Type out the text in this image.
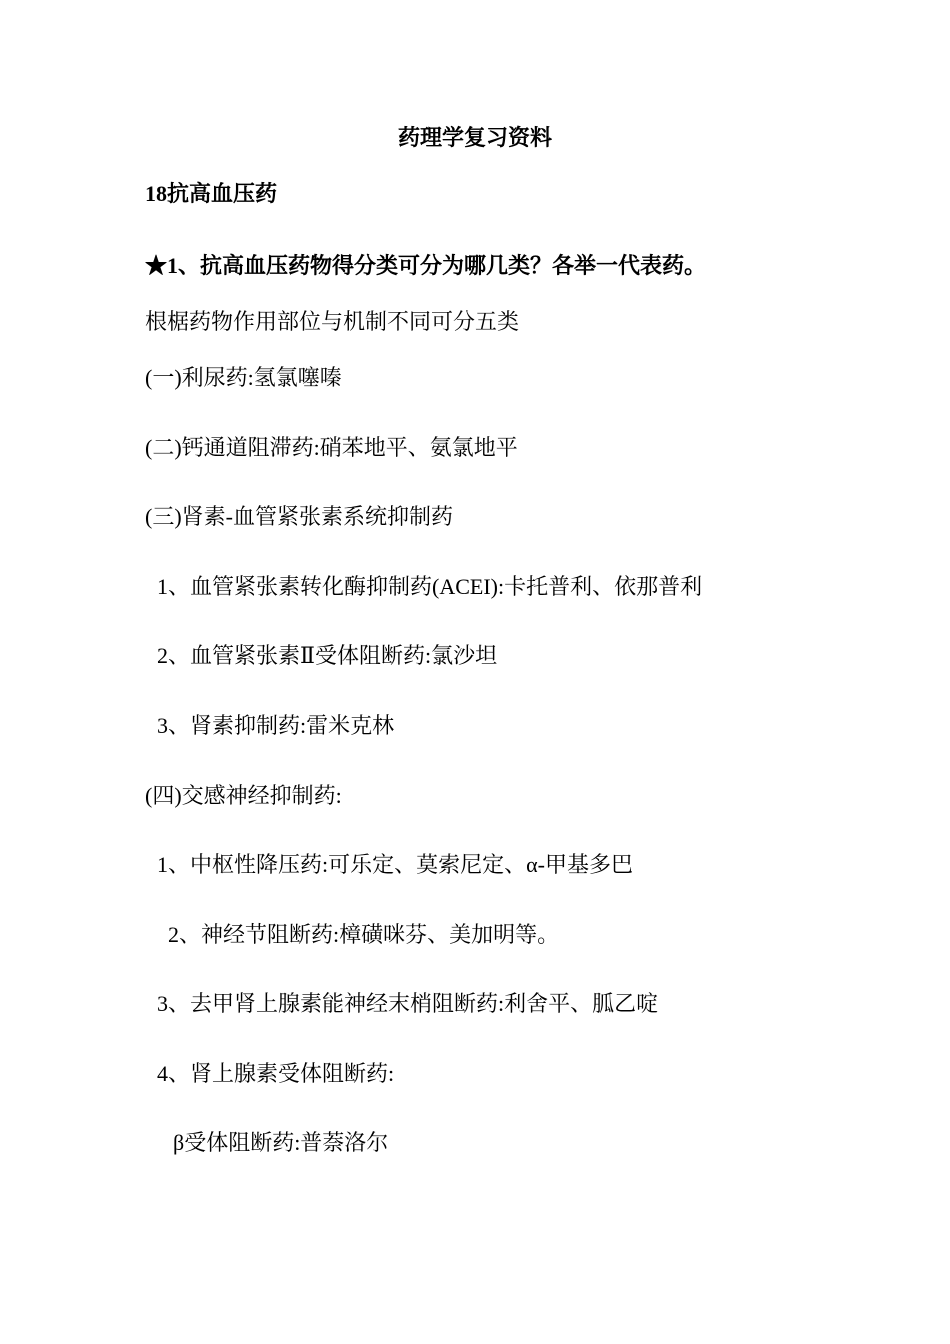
药理学复习资料
18抗高血压药
★1、抗高血压药物得分类可分为哪几类？各举一代表药。
根椐药物作用部位与机制不同可分五类
(一)利尿药:氢氯噻嗪
(二)钙通道阻滞药:硝苯地平、氨氯地平
(三)肾素-血管紧张素系统抑制药
1、血管紧张素转化酶抑制药(ACEI):卡托普利、依那普利
2、血管紧张素Ⅱ受体阻断药:氯沙坦
3、肾素抑制药:雷米克林
(四)交感神经抑制药:
1、中枢性降压药:可乐定、莫索尼定、α-甲基多巴
2、神经节阻断药:樟磺咪芬、美加明等。
3、去甲肾上腺素能神经末梢阻断药:利舍平、胍乙啶
4、肾上腺素受体阻断药:
β受体阻断药:普萘洛尔
